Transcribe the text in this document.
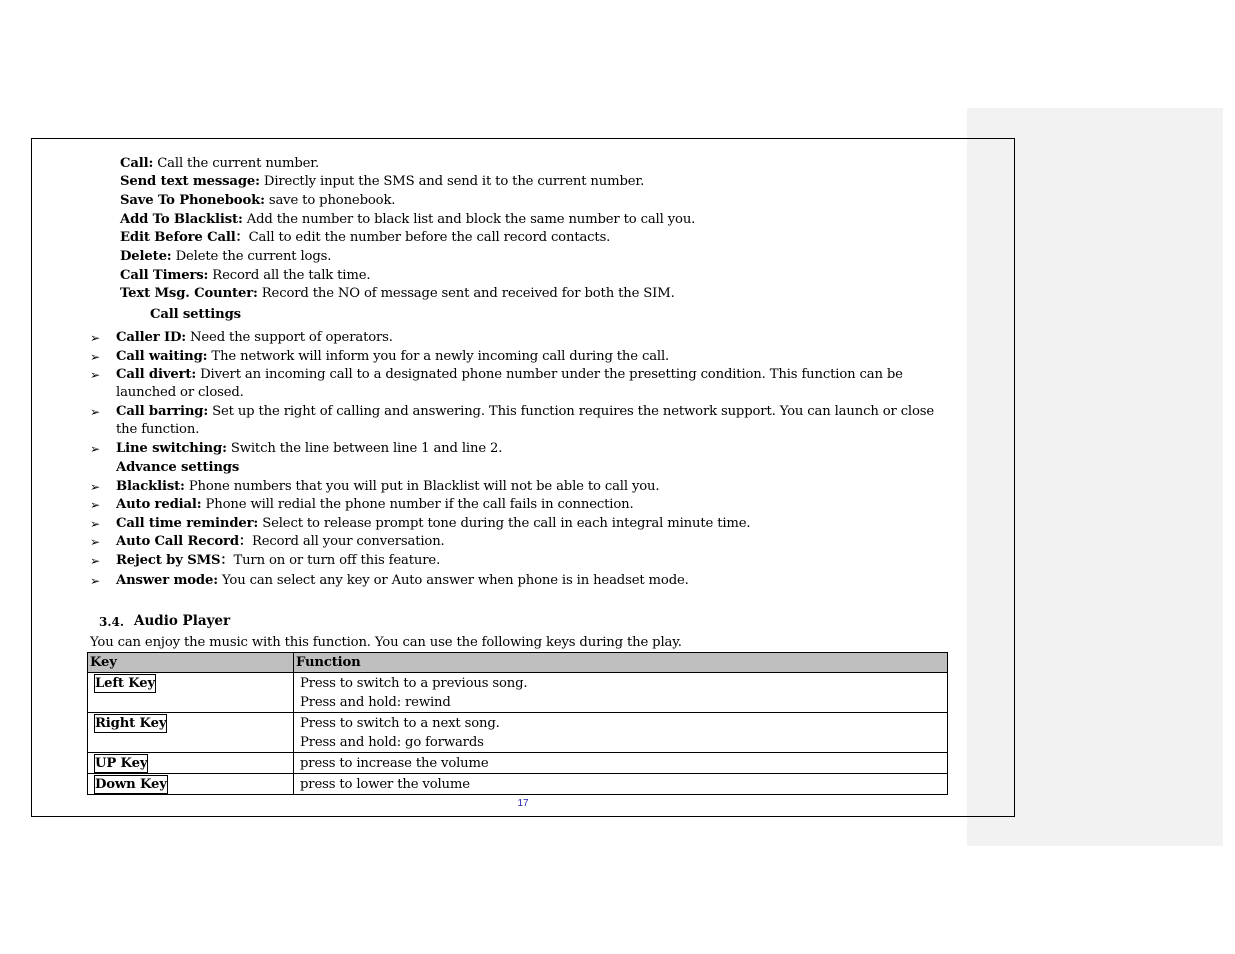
Call: Call the current number.
Send text message: Directly input the SMS and send it to the current number.
Save To Phonebook: save to phonebook.
Add To Blacklist: Add the number to black list and block the same number to call you.
Edit Before Call：Call to edit the number before the call record contacts.
Delete: Delete the current logs.
Call Timers: Record all the talk time.
Text Msg. Counter: Record the NO of message sent and received for both the SIM.
Call settings
➢ Caller ID: Need the support of operators.
➢ Call waiting: The network will inform you for a newly incoming call during the call.
➢ Call divert: Divert an incoming call to a designated phone number under the presetting condition. This function can be launched or closed.
➢ Call barring: Set up the right of calling and answering. This function requires the network support. You can launch or close the function.
➢ Line switching: Switch the line between line 1 and line 2.
Advance settings
➢ Blacklist: Phone numbers that you will put in Blacklist will not be able to call you.
➢ Auto redial: Phone will redial the phone number if the call fails in connection.
➢ Call time reminder: Select to release prompt tone during the call in each integral minute time.
➢ Auto Call Record：Record all your conversation.
➢ Reject by SMS：Turn on or turn off this feature.
➢ Answer mode: You can select any key or Auto answer when phone is in headset mode.
3.4. Audio Player
You can enjoy the music with this function. You can use the following keys during the play.
Key	Function
Left Key	Press to switch to a previous song.
Press and hold: rewind

Right Key	Press to switch to a next song.
Press and hold: go forwards

UP Key	press to increase the volume

Down Key	press to lower the volume
17
